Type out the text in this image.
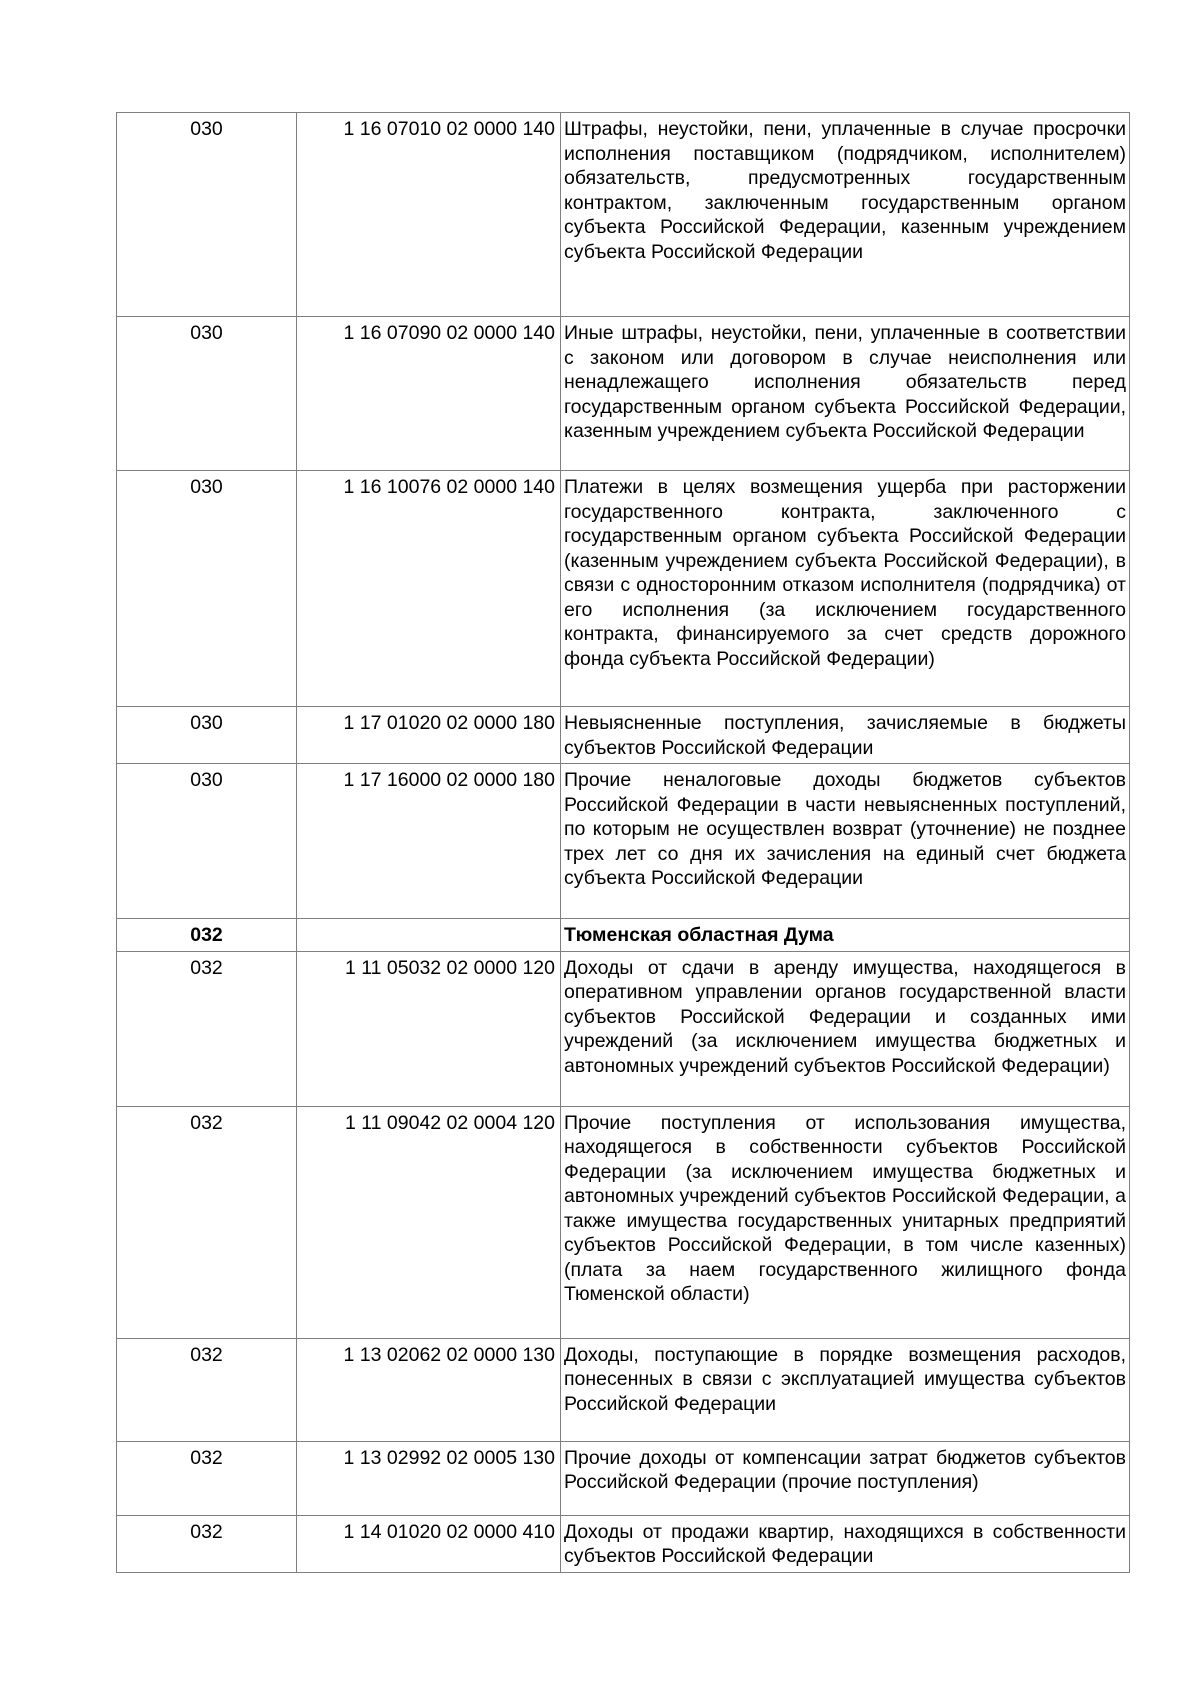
030	1 16 07010 02 0000 140	Штрафы, неустойки, пени, уплаченные в случае просрочки исполнения поставщиком (подрядчиком, исполнителем) обязательств, предусмотренных государственным контрактом, заключенным государственным органом субъекта Российской Федерации, казенным учреждением субъекта Российской Федерации
030	1 16 07090 02 0000 140	Иные штрафы, неустойки, пени, уплаченные в соответствии с законом или договором в случае неисполнения или ненадлежащего исполнения обязательств перед государственным органом субъекта Российской Федерации, казенным учреждением субъекта Российской Федерации
030	1 16 10076 02 0000 140	Платежи в целях возмещения ущерба при расторжении государственного контракта, заключенного с государственным органом субъекта Российской Федерации (казенным учреждением субъекта Российской Федерации), в связи с односторонним отказом исполнителя (подрядчика) от его исполнения (за исключением государственного контракта, финансируемого за счет средств дорожного фонда субъекта Российской Федерации)
030	1 17 01020 02 0000 180	Невыясненные поступления, зачисляемые в бюджеты субъектов Российской Федерации
030	1 17 16000 02 0000 180	Прочие неналоговые доходы бюджетов субъектов Российской Федерации в части невыясненных поступлений, по которым не осуществлен возврат (уточнение) не позднее трех лет со дня их зачисления на единый счет бюджета субъекта Российской Федерации
032		Тюменская областная Дума
032	1 11 05032 02 0000 120	Доходы от сдачи в аренду имущества, находящегося в оперативном управлении органов государственной власти субъектов Российской Федерации и созданных ими учреждений (за исключением имущества бюджетных и автономных учреждений субъектов Российской Федерации)
032	1 11 09042 02 0004 120	Прочие поступления от использования имущества, находящегося в собственности субъектов Российской Федерации (за исключением имущества бюджетных и автономных учреждений субъектов Российской Федерации, а также имущества государственных унитарных предприятий субъектов Российской Федерации, в том числе казенных) (плата за наем государственного жилищного фонда Тюменской области)
032	1 13 02062 02 0000 130	Доходы, поступающие в порядке возмещения расходов, понесенных в связи с эксплуатацией имущества субъектов Российской Федерации
032	1 13 02992 02 0005 130	Прочие доходы от компенсации затрат бюджетов субъектов Российской Федерации (прочие поступления)
032	1 14 01020 02 0000 410	Доходы от продажи квартир, находящихся в собственности субъектов Российской Федерации
